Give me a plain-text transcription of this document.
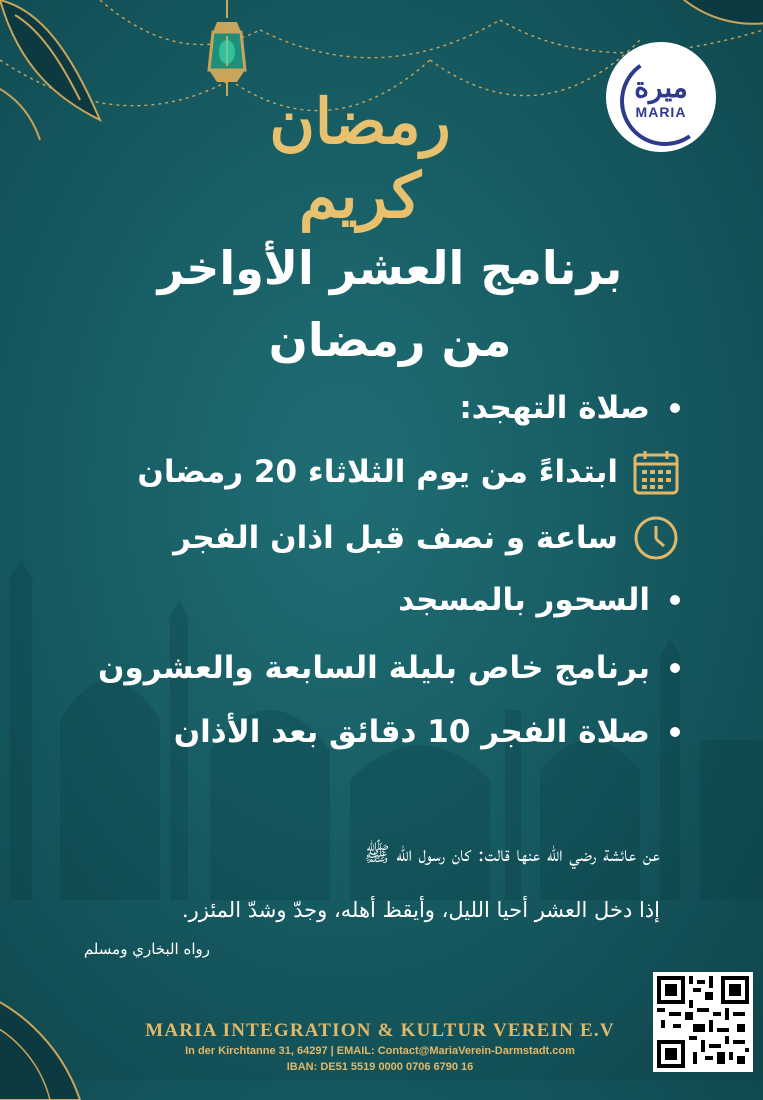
ميرة
MARIA
رمضان كريم
برنامج العشر الأواخر
من رمضان
صلاة التهجد:
ابتداءً من يوم الثلاثاء 20 رمضان
ساعة و نصف قبل اذان الفجر
السحور بالمسجد
برنامج خاص بليلة السابعة والعشرون
صلاة الفجر 10 دقائق بعد الأذان
عن عائشة رضي الله عنها قالت: كان رسول الله ﷺ
إذا دخل العشر أحيا الليل، وأيقظ أهله، وجدّ وشدّ المئزر.
رواه البخاري ومسلم
MARIA INTEGRATION & KULTUR VEREIN E.V
In der Kirchtanne 31, 64297 | EMAIL: Contact@MariaVerein-Darmstadt.com
IBAN: DE51 5519 0000 0706 6790 16
